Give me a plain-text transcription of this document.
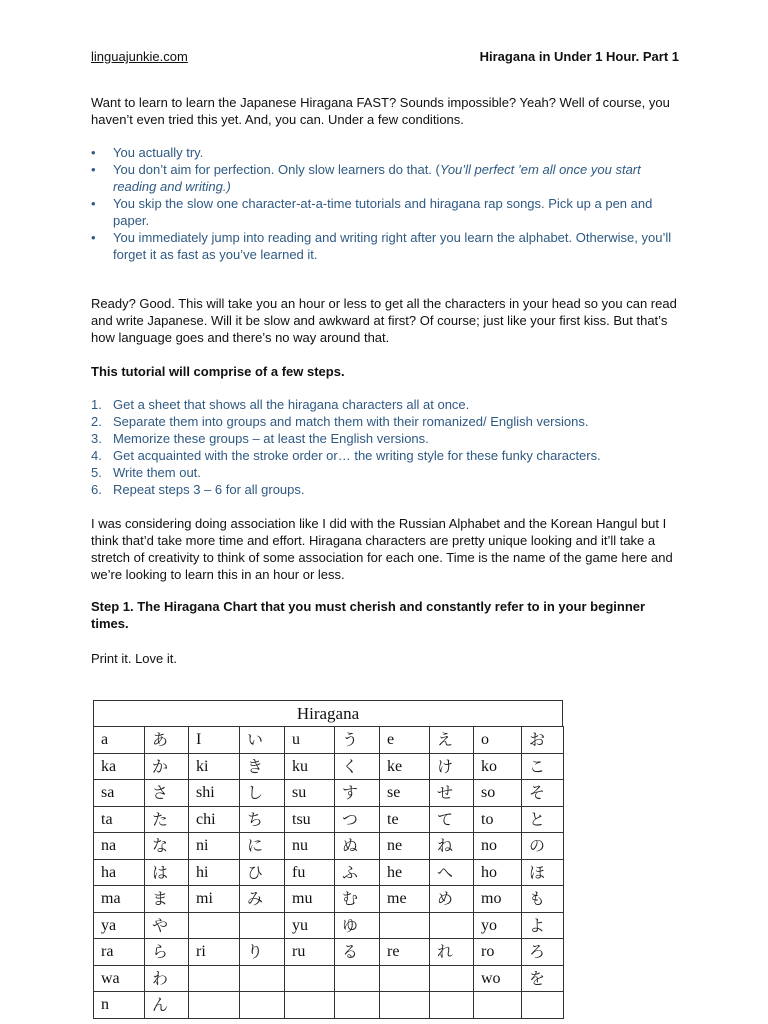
linguajunkie.com	Hiragana in Under 1 Hour. Part 1

Want to learn to learn the Japanese Hiragana FAST? Sounds impossible? Yeah? Well of course, you haven’t even tried this yet. And, you can. Under a few conditions.

• You actually try.
• You don’t aim for perfection. Only slow learners do that. (You’ll perfect ’em all once you start reading and writing.)
• You skip the slow one character-at-a-time tutorials and hiragana rap songs. Pick up a pen and paper.
• You immediately jump into reading and writing right after you learn the alphabet. Otherwise, you’ll forget it as fast as you’ve learned it.

Ready? Good. This will take you an hour or less to get all the characters in your head so you can read and write Japanese. Will it be slow and awkward at first? Of course; just like your first kiss. But that’s how language goes and there’s no way around that.

This tutorial will comprise of a few steps.

1. Get a sheet that shows all the hiragana characters all at once.
2. Separate them into groups and match them with their romanized/ English versions.
3. Memorize these groups – at least the English versions.
4. Get acquainted with the stroke order or… the writing style for these funky characters.
5. Write them out.
6. Repeat steps 3 – 6 for all groups.

I was considering doing association like I did with the Russian Alphabet and the Korean Hangul but I think that’d take more time and effort. Hiragana characters are pretty unique looking and it’ll take a stretch of creativity to think of some association for each one. Time is the name of the game here and we’re looking to learn this in an hour or less.

Step 1. The Hiragana Chart that you must cherish and constantly refer to in your beginner times.

Print it. Love it.

Hiragana
a	あ	I	い	u	う	e	え	o	お
ka	か	ki	き	ku	く	ke	け	ko	こ
sa	さ	shi	し	su	す	se	せ	so	そ
ta	た	chi	ち	tsu	つ	te	て	to	と
na	な	ni	に	nu	ぬ	ne	ね	no	の
ha	は	hi	ひ	fu	ふ	he	へ	ho	ほ
ma	ま	mi	み	mu	む	me	め	mo	も
ya	や			yu	ゆ			yo	よ
ra	ら	ri	り	ru	る	re	れ	ro	ろ
wa	わ							wo	を
n	ん								
